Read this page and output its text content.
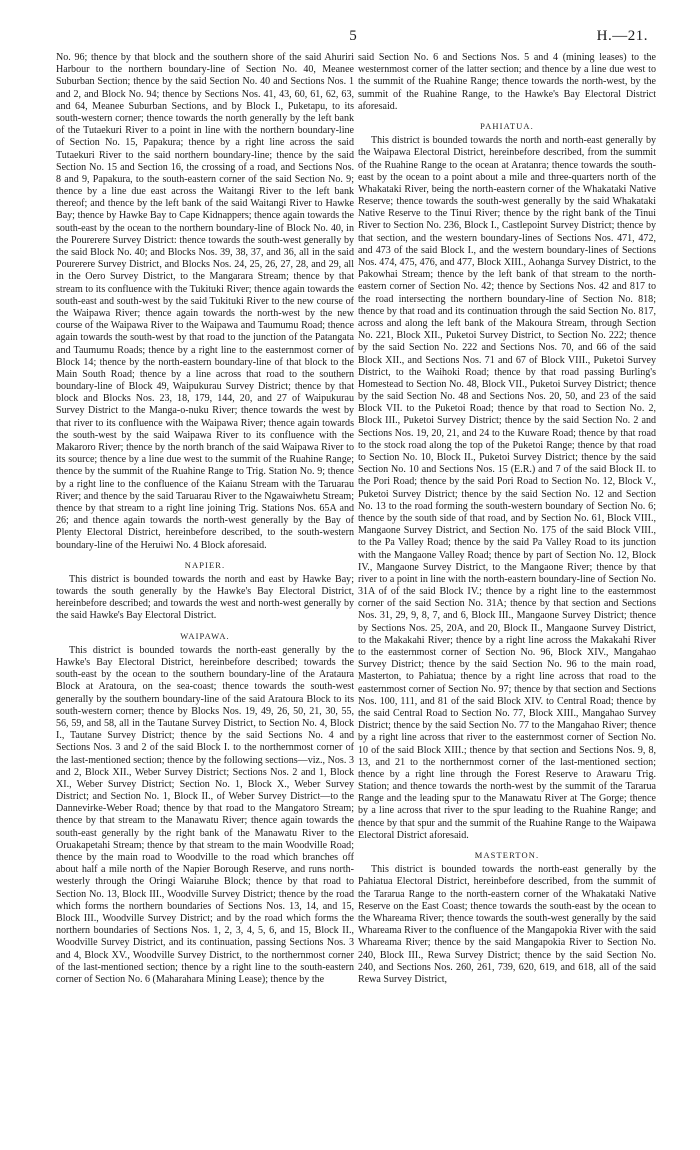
5	H.—21.

No. 96; thence by that block and the southern shore of the said Ahuriri Harbour to the northern boundary-line of Section No. 40, Meanee Suburban Section; thence by the said Section No. 40 and Sections Nos. 1 and 2, and Block No. 94; thence by Sections Nos. 41, 43, 60, 61, 62, 63, and 64, Meanee Suburban Sections, and by Block I., Puketapu, to its south-western corner; thence towards the north generally by the left bank of the Tutaekuri River to a point in line with the northern boundary-line of Section No. 15, Papakura; thence by a right line across the said Tutaekuri River to the said northern boundary-line; thence by the said Section No. 15 and Section 16, the crossing of a road, and Sections Nos. 8 and 9, Papakura, to the south-eastern corner of the said Section No. 9; thence by a line due east across the Waitangi River to the left bank thereof; and thence by the left bank of the said Waitangi River to Hawke Bay; thence by Hawke Bay to Cape Kidnappers; thence again towards the south-east by the ocean to the northern boundary-line of Block No. 40, in the Pourerere Survey District: thence towards the south-west generally by the said Block No. 40; and Blocks Nos. 39, 38, 37, and 36, all in the said Pourerere Survey District, and Blocks Nos. 24, 25, 26, 27, 28, and 29, all in the Oero Survey District, to the Mangarara Stream; thence by that stream to its confluence with the Tukituki River; thence again towards the south-east and south-west by the said Tukituki River to the new course of the Waipawa River; thence again towards the north-west by the new course of the Waipawa River to the Waipawa and Taumumu Road; thence again towards the south-west by that road to the junction of the Patangata and Taumumu Roads; thence by a right line to the easternmost corner of Block 14; thence by the north-eastern boundary-line of that block to the Main South Road; thence by a line across that road to the southern boundary-line of Block 49, Waipukurau Survey District; thence by that block and Blocks Nos. 23, 18, 179, 144, 20, and 27 of Waipukurau Survey District to the Manga-o-nuku River; thence towards the west by that river to its confluence with the Waipawa River; thence again towards the south-west by the said Waipawa River to its confluence with the Makaroro River; thence by the north branch of the said Waipawa River to its source; thence by a line due west to the summit of the Ruahine Range; thence by the summit of the Ruahine Range to Trig. Station No. 9; thence by a right line to the confluence of the Kaianu Stream with the Taruarau River; and thence by the said Taruarau River to the Ngawaiwhetu Stream; thence by that stream to a right line joining Trig. Stations Nos. 65A and 26; and thence again towards the north-west generally by the Bay of Plenty Electoral District, hereinbefore described, to the south-western boundary-line of the Heruiwi No. 4 Block aforesaid.

NAPIER.

This district is bounded towards the north and east by Hawke Bay; towards the south generally by the Hawke's Bay Electoral District, hereinbefore described; and towards the west and north-west generally by the said Hawke's Bay Electoral District.

WAIPAWA.

This district is bounded towards the north-east generally by the Hawke's Bay Electoral District, hereinbefore described; towards the south-east by the ocean to the southern boundary-line of the Arataura Block at Aratoura, on the sea-coast; thence towards the south-west generally by the southern boundary-line of the said Aratoura Block to its south-western corner; thence by Blocks Nos. 19, 49, 26, 50, 21, 30, 55, 56, 59, and 58, all in the Tautane Survey District, to Section No. 4, Block I., Tautane Survey District; thence by the said Sections No. 4 and Sections Nos. 3 and 2 of the said Block I. to the northernmost corner of the last-mentioned section; thence by the following sections—viz., Nos. 3 and 2, Block XII., Weber Survey District; Sections Nos. 2 and 1, Block XI., Weber Survey District; Section No. 1, Block X., Weber Survey District; and Section No. 1, Block II., of Weber Survey District—to the Dannevirke-Weber Road; thence by that road to the Mangatoro Stream; thence by that stream to the Manawatu River; thence again towards the south-east generally by the right bank of the Manawatu River to the Oruakapetahi Stream; thence by that stream to the main Woodville Road; thence by the main road to Woodville to the road which branches off about half a mile north of the Napier Borough Reserve, and runs north-westerly through the Oringi Waiaruhe Block; thence by that road to Section No. 13, Block III., Woodville Survey District; thence by the road which forms the northern boundaries of Sections Nos. 13, 14, and 15, Block III., Woodville Survey District; and by the road which forms the northern boundaries of Sections Nos. 1, 2, 3, 4, 5, 6, and 15, Block II., Woodville Survey District, and its continuation, passing Sections Nos. 3 and 4, Block XV., Woodville Survey District, to the northernmost corner of the last-mentioned section; thence by a right line to the south-eastern corner of Section No. 6 (Maharahara Mining Lease); thence by the

said Section No. 6 and Sections Nos. 5 and 4 (mining leases) to the westernmost corner of the latter section; and thence by a line due west to the summit of the Ruahine Range; thence towards the north-west, by the summit of the Ruahine Range, to the Hawke's Bay Electoral District aforesaid.

PAHIATUA.

This district is bounded towards the north and north-east generally by the Waipawa Electoral District, hereinbefore described, from the summit of the Ruahine Range to the ocean at Aratanra; thence towards the south-east by the ocean to a point about a mile and three-quarters north of the Whakataki River, being the north-eastern corner of the Whakataki Native Reserve; thence towards the south-west generally by the said Whakataki Native Reserve to the Tinui River; thence by the right bank of the Tinui River to Section No. 236, Block I., Castlepoint Survey District; thence by that section, and the western boundary-lines of Sections Nos. 471, 472, and 473 of the said Block I., and the western boundary-lines of Sections Nos. 474, 475, 476, and 477, Block XIII., Aohanga Survey District, to the Pakowhai Stream; thence by the left bank of that stream to the north-eastern corner of Section No. 42; thence by Sections Nos. 42 and 817 to the road intersecting the northern boundary-line of Section No. 818; thence by that road and its continuation through the said Section No. 817, across and along the left bank of the Makoura Stream, through Section No. 221, Block XII., Puketoi Survey District, to Section No. 222; thence by the said Section No. 222 and Sections Nos. 70, and 66 of the said Block XII., and Sections Nos. 71 and 67 of Block VIII., Puketoi Survey District, to the Waihoki Road; thence by that road passing Burling's Homestead to Section No. 48, Block VII., Puketoi Survey District; thence by the said Section No. 48 and Sections Nos. 20, 50, and 23 of the said Block VII. to the Puketoi Road; thence by that road to Section No. 2, Block III., Puketoi Survey District; thence by the said Section No. 2 and Sections Nos. 19, 20, 21, and 24 to the Kuware Road; thence by that road to the stock road along the top of the Puketoi Range; thence by that road to Section No. 10, Block II., Puketoi Survey District; thence by the said Section No. 10 and Sections Nos. 15 (E.R.) and 7 of the said Block II. to the Pori Road; thence by the said Pori Road to Section No. 12, Block V., Puketoi Survey District; thence by the said Section No. 12 and Section No. 13 to the road forming the south-western boundary of Section No. 6; thence by the south side of that road, and by Section No. 61, Block VIII., Mangaone Survey District, and Section No. 175 of the said Block VIII., to the Pa Valley Road; thence by the said Pa Valley Road to its junction with the Mangaone Valley Road; thence by part of Section No. 12, Block IV., Mangaone Survey District, to the Mangaone River; thence by that river to a point in line with the north-eastern boundary-line of Section No. 31A of of the said Block IV.; thence by a right line to the easternmost corner of the said Section No. 31A; thence by that section and Sections Nos. 31, 29, 9, 8, 7, and 6, Block III., Mangaone Survey District; thence by Sections Nos. 25, 20A, and 20, Block II., Mangaone Survey District, to the Makakahi River; thence by a right line across the Makakahi River to the easternmost corner of Section No. 96, Block XIV., Mangahao Survey District; thence by the said Section No. 96 to the main road, Masterton, to Pahiatua; thence by a right line across that road to the easternmost corner of Section No. 97; thence by that section and Sections Nos. 100, 111, and 81 of the said Block XIV. to Central Road; thence by the said Central Road to Section No. 77, Block XIII., Mangahao Survey District; thence by the said Section No. 77 to the Mangahao River; thence by a right line across that river to the easternmost corner of Section No. 10 of the said Block XIII.; thence by that section and Sections Nos. 9, 8, 13, and 21 to the northernmost corner of the last-mentioned section; thence by a right line through the Forest Reserve to Arawaru Trig. Station; and thence towards the north-west by the summit of the Tararua Range and the leading spur to the Manawatu River at The Gorge; thence by a line across that river to the spur leading to the Ruahine Range; and thence by that spur and the summit of the Ruahine Range to the Waipawa Electoral District aforesaid.

MASTERTON.

This district is bounded towards the north-east generally by the Pahiatua Electoral District, hereinbefore described, from the summit of the Tararua Range to the north-eastern corner of the Whakataki Native Reserve on the East Coast; thence towards the south-east by the ocean to the Whareama River; thence towards the south-west generally by the said Whareama River to the confluence of the Mangapokia River with the said Whareama River; thence by the said Mangapokia River to Section No. 240, Block III., Rewa Survey District; thence by the said Section No. 240, and Sections Nos. 260, 261, 739, 620, 619, and 618, all of the said Rewa Survey District,
